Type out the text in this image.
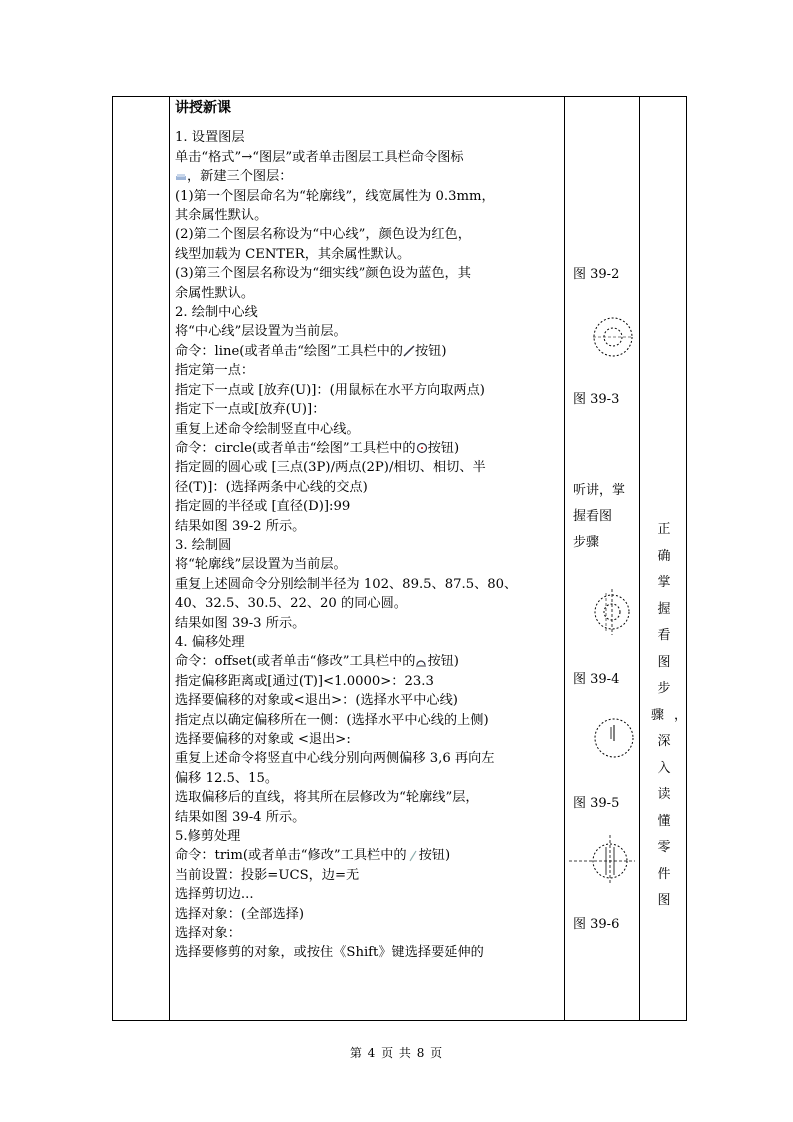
讲授新课

1. 设置图层

单击“格式”→“图层”或者单击图层工具栏命令图标

，新建三个图层：

(1)第一个图层命名为“轮廓线”，线宽属性为 0.3mm，

其余属性默认。

(2)第二个图层名称设为“中心线”，颜色设为红色，

线型加载为 CENTER，其余属性默认。

(3)第三个图层名称设为“细实线”颜色设为蓝色，其

余属性默认。

2. 绘制中心线

将“中心线”层设置为当前层。

命令：line(或者单击“绘图”工具栏中的 按钮)

指定第一点：

指定下一点或 [放弃(U)]：(用鼠标在水平方向取两点)

指定下一点或[放弃(U)]：

重复上述命令绘制竖直中心线。

命令：circle(或者单击“绘图”工具栏中的 按钮)

指定圆的圆心或 [三点(3P)/两点(2P)/相切、相切、半

径(T)]：(选择两条中心线的交点)

指定圆的半径或 [直径(D)]:99

结果如图 39-2 所示。

3. 绘制圆

将“轮廓线”层设置为当前层。

重复上述圆命令分别绘制半径为 102、89.5、87.5、80、

40、32.5、30.5、22、20 的同心圆。

结果如图 39-3 所示。

4. 偏移处理

命令：offset(或者单击“修改”工具栏中的 按钮)

指定偏移距离或[通过(T)]<1.0000>：23.3

选择要偏移的对象或<退出>：(选择水平中心线)

指定点以确定偏移所在一侧：(选择水平中心线的上侧)

选择要偏移的对象或 <退出>:

重复上述命令将竖直中心线分别向两侧偏移 3,6 再向左

偏移 12.5、15。

选取偏移后的直线，将其所在层修改为“轮廓线”层，

结果如图 39-4 所示。

5.修剪处理

命令：trim(或者单击“修改”工具栏中的 按钮)

当前设置：投影=UCS，边=无

选择剪切边...

选择对象：(全部选择)

选择对象：

选择要修剪的对象，或按住《Shift》键选择要延伸的

图 39-2
图 39-3
听讲，掌
握看图
步骤
图 39-4
图 39-5
图 39-6

正 确

掌 握

看 图

步

骤，

深 入

读 懂

零 件

图

第 4 页 共 8 页
